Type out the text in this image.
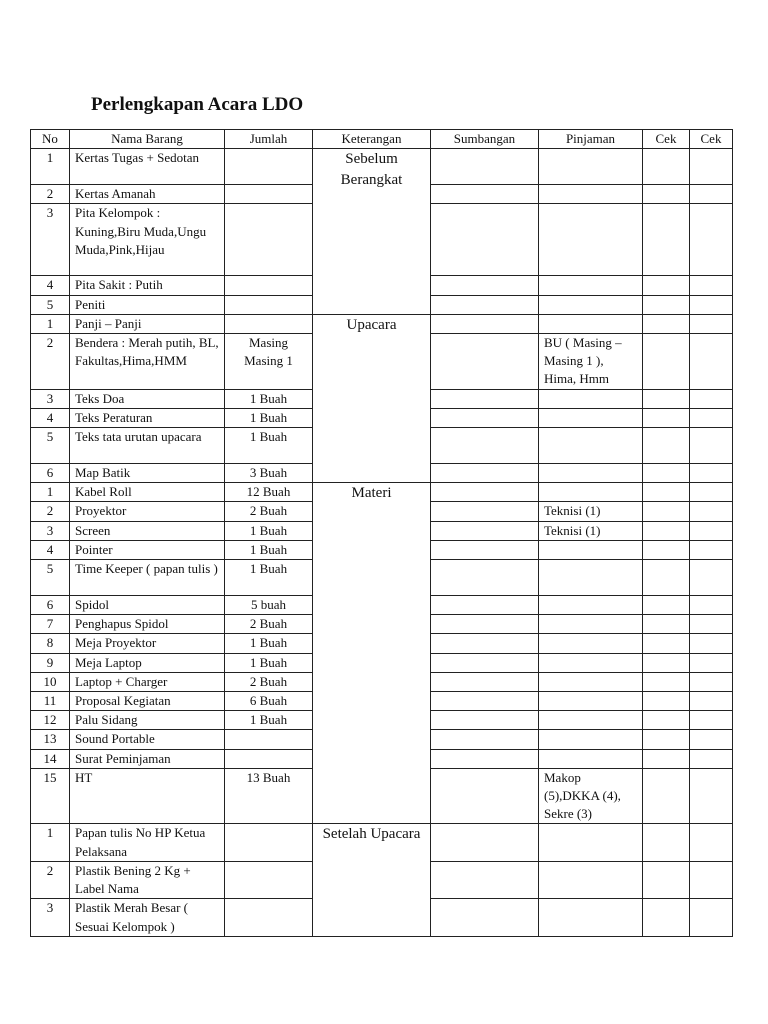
Perlengkapan Acara LDO
No	Nama Barang	Jumlah	Keterangan	Sumbangan	Pinjaman	Cek	Cek
1	Kertas Tugas + Sedotan		Sebelum Berangkat				
2	Kertas Amanah						
3	Pita Kelompok : Kuning,Biru Muda,Ungu Muda,Pink,Hijau						
4	Pita Sakit : Putih						
5	Peniti						
1	Panji – Panji		Upacara				
2	Bendera : Merah putih, BL, Fakultas,Hima,HMM	Masing Masing 1			BU ( Masing – Masing 1 ), Hima, Hmm		
3	Teks Doa	1 Buah					
4	Teks Peraturan	1 Buah					
5	Teks tata urutan upacara	1 Buah					
6	Map Batik	3 Buah					
1	Kabel Roll	12 Buah	Materi				
2	Proyektor	2 Buah			Teknisi (1)		
3	Screen	1 Buah			Teknisi (1)		
4	Pointer	1 Buah					
5	Time Keeper ( papan tulis )	1 Buah					
6	Spidol	5 buah					
7	Penghapus Spidol	2 Buah					
8	Meja Proyektor	1 Buah					
9	Meja Laptop	1 Buah					
10	Laptop + Charger	2 Buah					
11	Proposal Kegiatan	6 Buah					
12	Palu Sidang	1 Buah					
13	Sound Portable						
14	Surat Peminjaman						
15	HT	13 Buah			Makop (5),DKKA (4), Sekre (3)		
1	Papan tulis No HP Ketua Pelaksana		Setelah Upacara				
2	Plastik Bening 2 Kg + Label Nama						
3	Plastik Merah Besar ( Sesuai Kelompok )						
